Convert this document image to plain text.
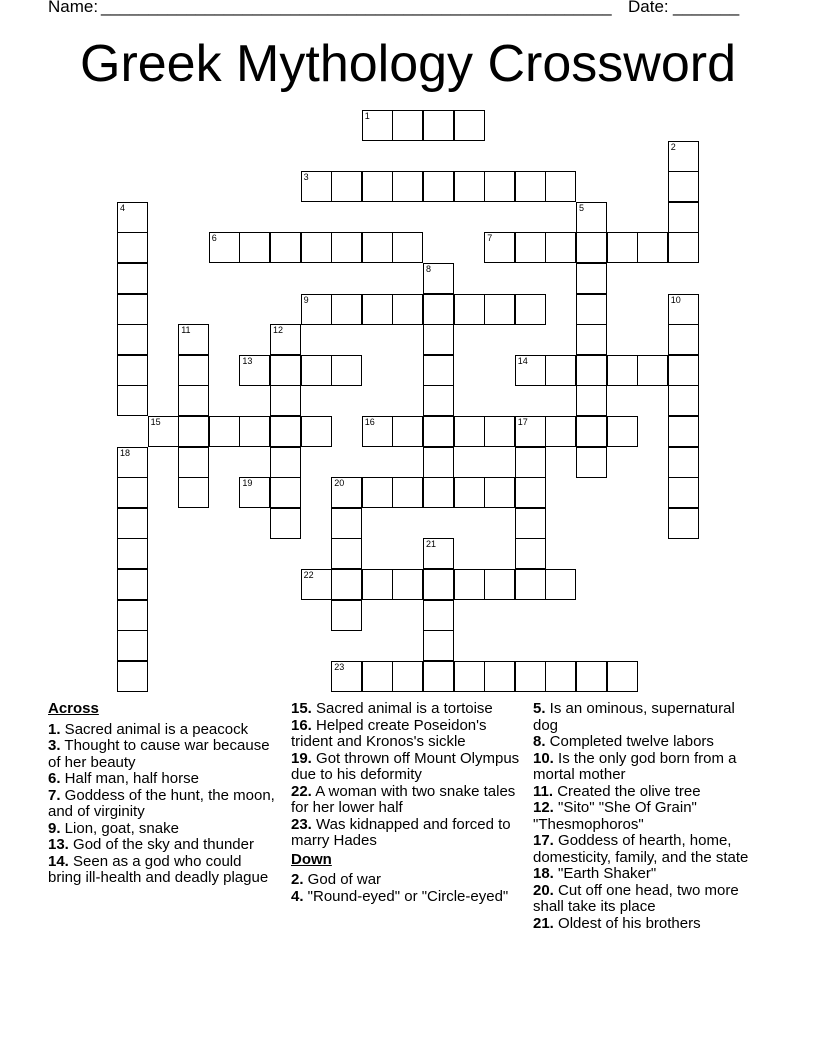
Name: ______________________________________________________ Date: _______
Greek Mythology Crossword
1
2
3
4	5
6	7
8
9	10
11	12
13	14
15	16	17
18
19	20
21
22
23
Across
1. Sacred animal is a peacock
3. Thought to cause war because of her beauty
6. Half man, half horse
7. Goddess of the hunt, the moon, and of virginity
9. Lion, goat, snake
13. God of the sky and thunder
14. Seen as a god who could bring ill-health and deadly plague
15. Sacred animal is a tortoise
16. Helped create Poseidon's trident and Kronos's sickle
19. Got thrown off Mount Olympus due to his deformity
22. A woman with two snake tales for her lower half
23. Was kidnapped and forced to marry Hades
Down
2. God of war
4. "Round-eyed" or "Circle-eyed"
5. Is an ominous, supernatural dog
8. Completed twelve labors
10. Is the only god born from a mortal mother
11. Created the olive tree
12. "Sito" "She Of Grain" "Thesmophoros"
17. Goddess of hearth, home, domesticity, family, and the state
18. "Earth Shaker"
20. Cut off one head, two more shall take its place
21. Oldest of his brothers
